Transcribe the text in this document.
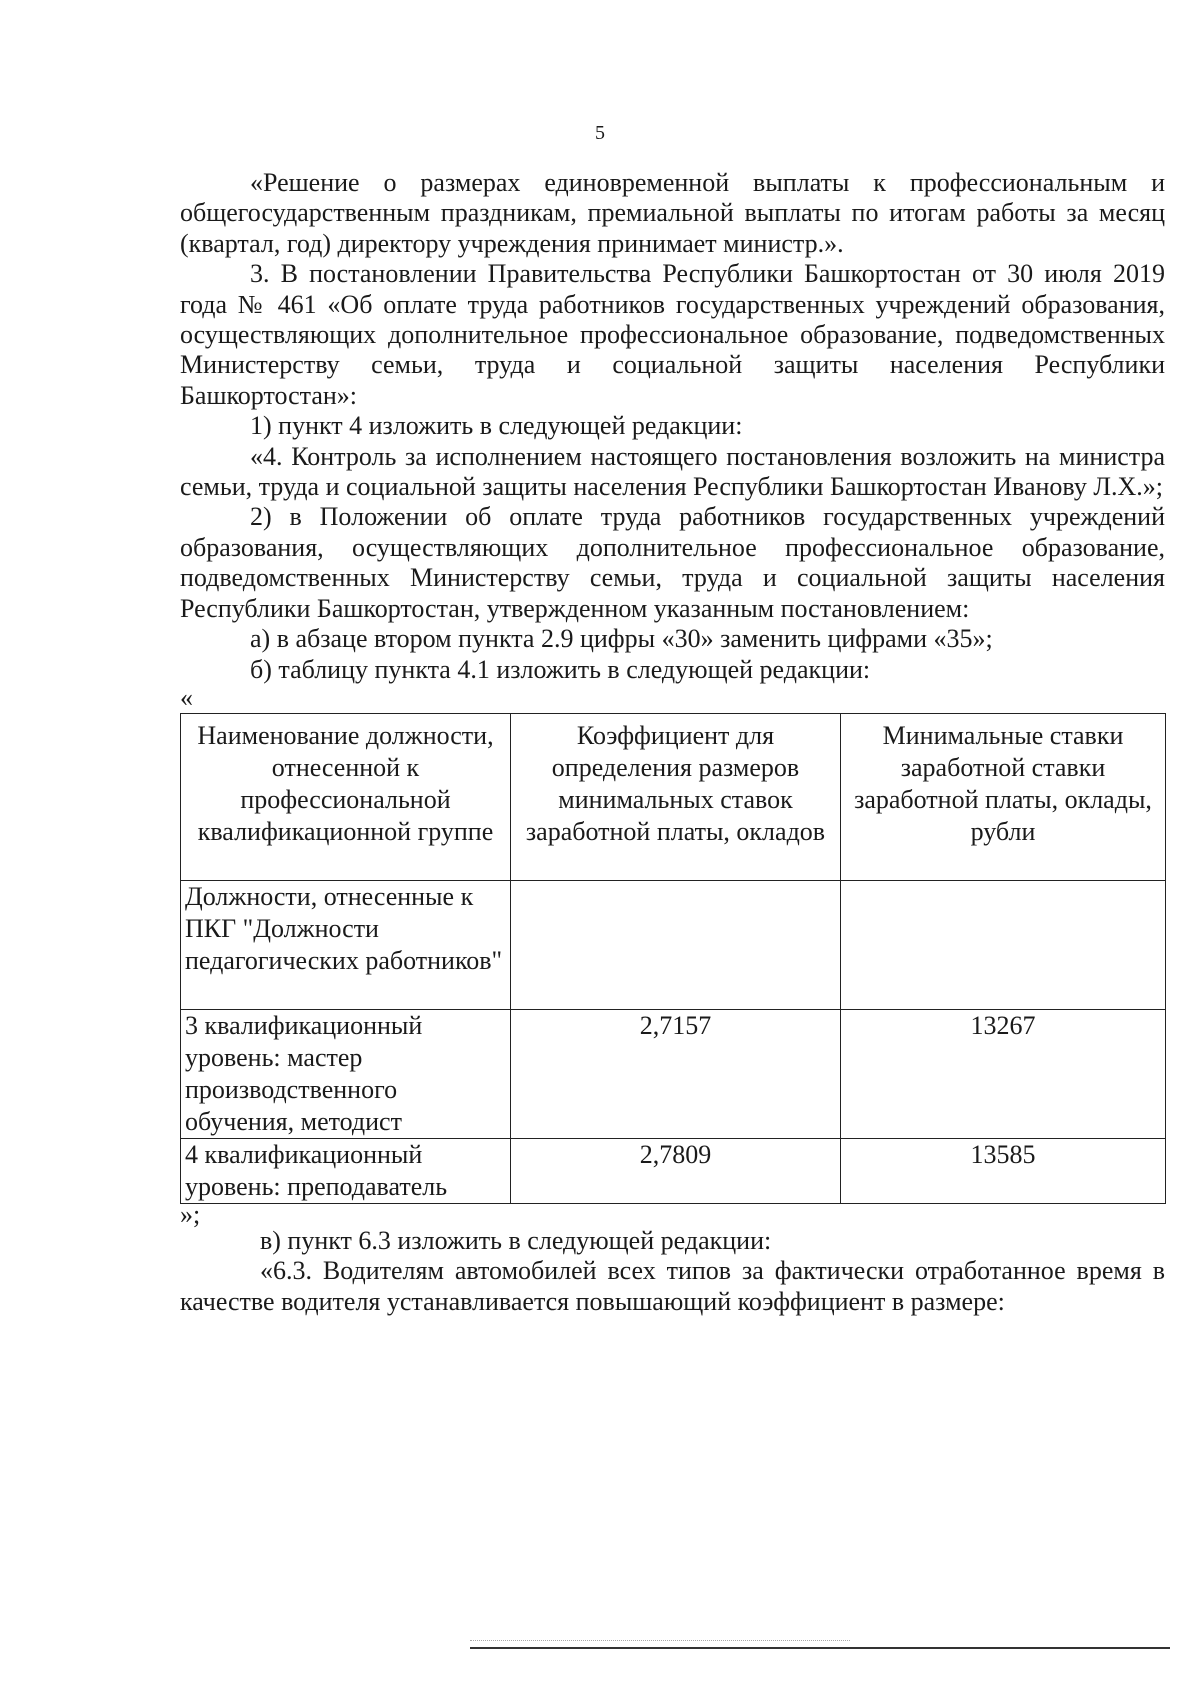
5

«Решение о размерах единовременной выплаты к профессиональным и общегосударственным праздникам, премиальной выплаты по итогам работы за месяц (квартал, год) директору учреждения принимает министр.».

3. В постановлении Правительства Республики Башкортостан от 30 июля 2019 года № 461 «Об оплате труда работников государственных учреждений образования, осуществляющих дополнительное профессиональное образование, подведомственных Министерству семьи, труда и социальной защиты населения Республики Башкортостан»:

1) пункт 4 изложить в следующей редакции:

«4. Контроль за исполнением настоящего постановления возложить на министра семьи, труда и социальной защиты населения Республики Башкортостан Иванову Л.Х.»;

2) в Положении об оплате труда работников государственных учреждений образования, осуществляющих дополнительное профессиональное образование, подведомственных Министерству семьи, труда и социальной защиты населения Республики Башкортостан, утвержденном указанным постановлением:

а) в абзаце втором пункта 2.9 цифры «30» заменить цифрами «35»;

б) таблицу пункта 4.1 изложить в следующей редакции:

«

Наименование должности, отнесенной к профессиональной квалификационной группе	Коэффициент для определения размеров минимальных ставок заработной платы, окладов	Минимальные ставки заработной ставки заработной платы, оклады, рубли
Должности, отнесенные к ПКГ "Должности педагогических работников"		
3 квалификационный уровень: мастер производственного обучения, методист	2,7157	13267
4 квалификационный уровень: преподаватель	2,7809	13585

»;

в) пункт 6.3 изложить в следующей редакции:

«6.3. Водителям автомобилей всех типов за фактически отработанное время в качестве водителя устанавливается повышающий коэффициент в размере:
